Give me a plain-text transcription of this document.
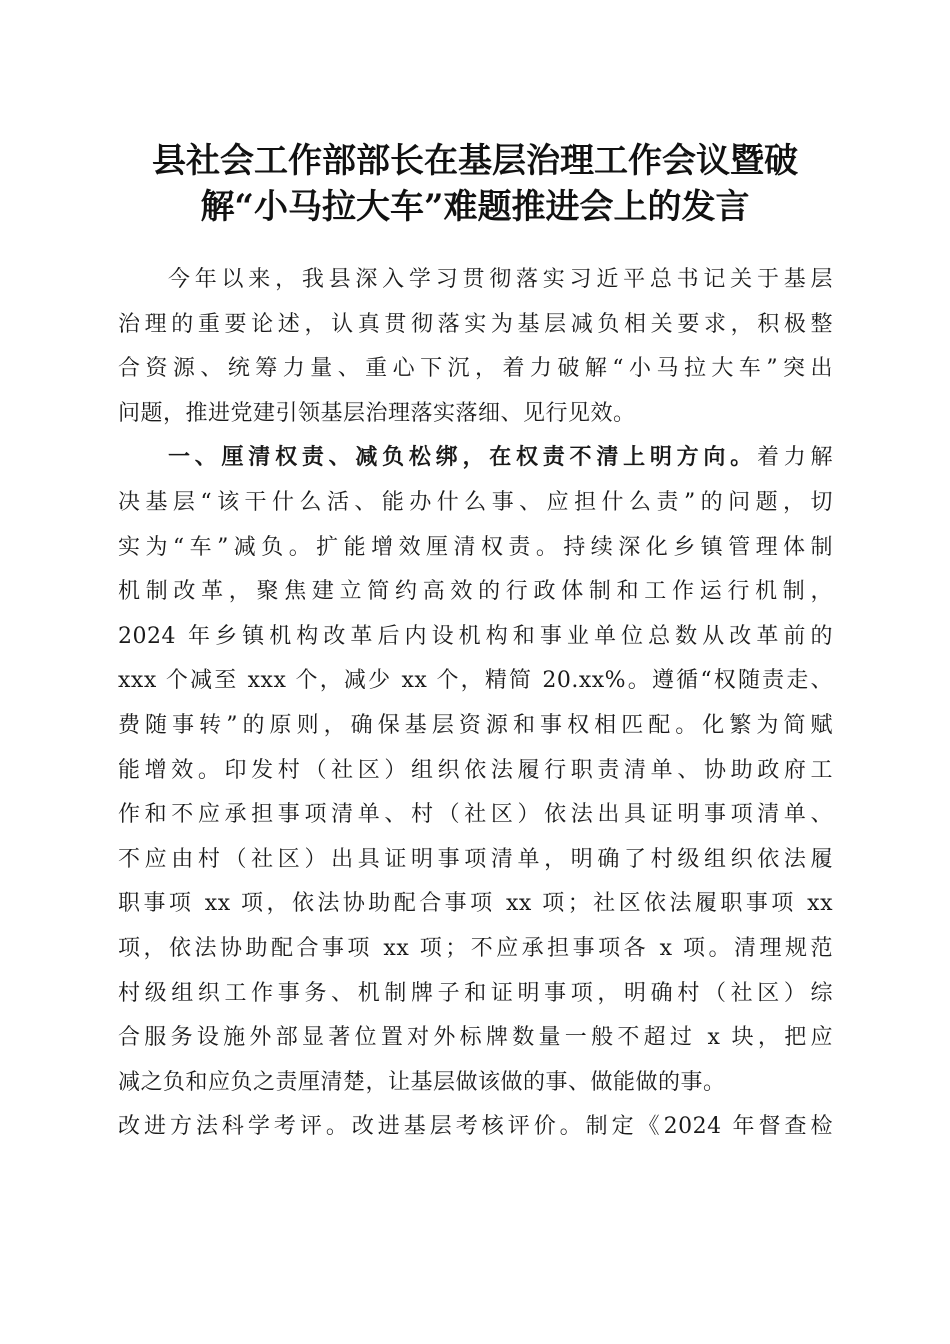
县社会工作部部长在基层治理工作会议暨破
解“小马拉大车”难题推进会上的发言
今年以来，我县深入学习贯彻落实习近平总书记关于基层
治理的重要论述，认真贯彻落实为基层减负相关要求，积极整
合资源、统筹力量、重心下沉，着力破解“小马拉大车”突出
问题，推进党建引领基层治理落实落细、见行见效。
一、厘清权责、减负松绑，在权责不清上明方向。着力解
决基层“该干什么活、能办什么事、应担什么责”的问题，切
实为“车”减负。扩能增效厘清权责。持续深化乡镇管理体制
机制改革，聚焦建立简约高效的行政体制和工作运行机制，
2024 年乡镇机构改革后内设机构和事业单位总数从改革前的
xxx 个减至 xxx 个，减少 xx 个，精简 20.xx%。遵循“权随责走、
费随事转”的原则，确保基层资源和事权相匹配。化繁为简赋
能增效。印发村（社区）组织依法履行职责清单、协助政府工
作和不应承担事项清单、村（社区）依法出具证明事项清单、
不应由村（社区）出具证明事项清单，明确了村级组织依法履
职事项 xx 项，依法协助配合事项 xx 项；社区依法履职事项 xx
项，依法协助配合事项 xx 项；不应承担事项各 x 项。清理规范
村级组织工作事务、机制牌子和证明事项，明确村（社区）综
合服务设施外部显著位置对外标牌数量一般不超过 x 块，把应
减之负和应负之责厘清楚，让基层做该做的事、做能做的事。
改进方法科学考评。改进基层考核评价。制定《2024 年督查检
